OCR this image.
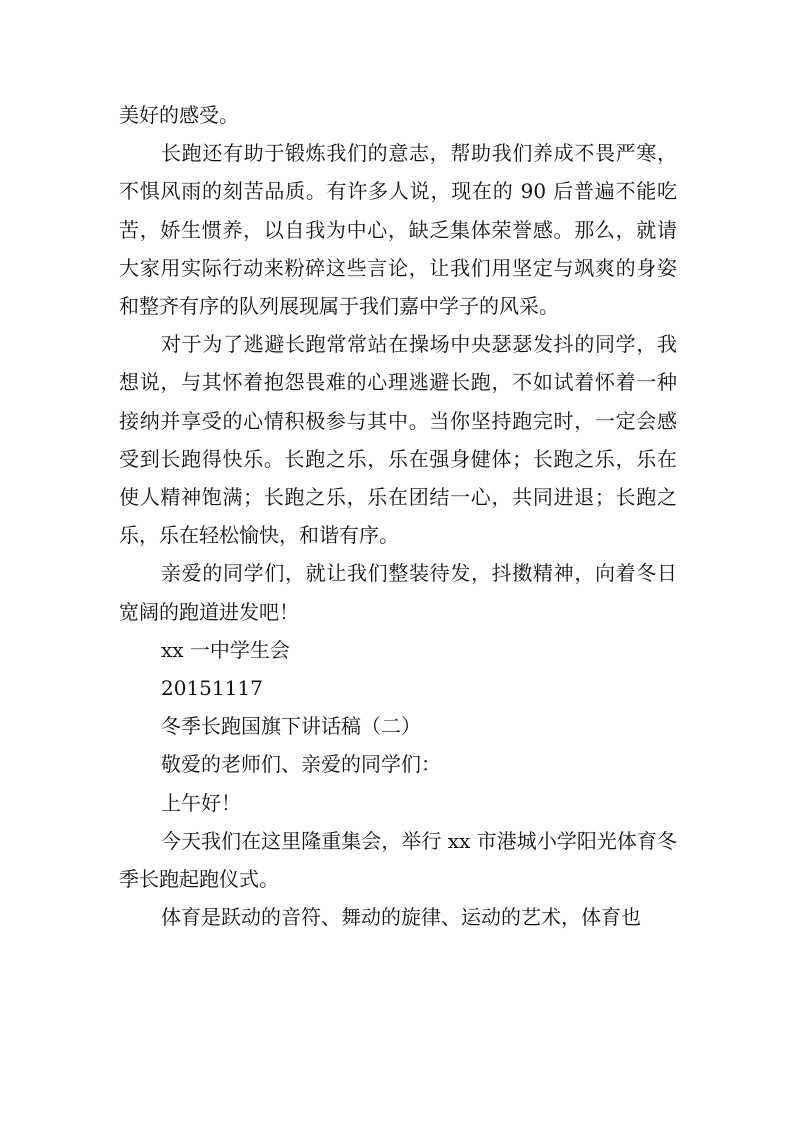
美好的感受。

长跑还有助于锻炼我们的意志，帮助我们养成不畏严寒，不惧风雨的刻苦品质。有许多人说，现在的 90 后普遍不能吃苦，娇生惯养，以自我为中心，缺乏集体荣誉感。那么，就请大家用实际行动来粉碎这些言论，让我们用坚定与飒爽的身姿和整齐有序的队列展现属于我们嘉中学子的风采。

对于为了逃避长跑常常站在操场中央瑟瑟发抖的同学，我想说，与其怀着抱怨畏难的心理逃避长跑，不如试着怀着一种接纳并享受的心情积极参与其中。当你坚持跑完时，一定会感受到长跑得快乐。长跑之乐，乐在强身健体；长跑之乐，乐在使人精神饱满；长跑之乐，乐在团结一心，共同进退；长跑之乐，乐在轻松愉快，和谐有序。

亲爱的同学们，就让我们整装待发，抖擞精神，向着冬日宽阔的跑道进发吧！

xx 一中学生会

20151117

冬季长跑国旗下讲话稿（二）

敬爱的老师们、亲爱的同学们：

上午好！

今天我们在这里隆重集会，举行 xx 市港城小学阳光体育冬季长跑起跑仪式。

体育是跃动的音符、舞动的旋律、运动的艺术，体育也
